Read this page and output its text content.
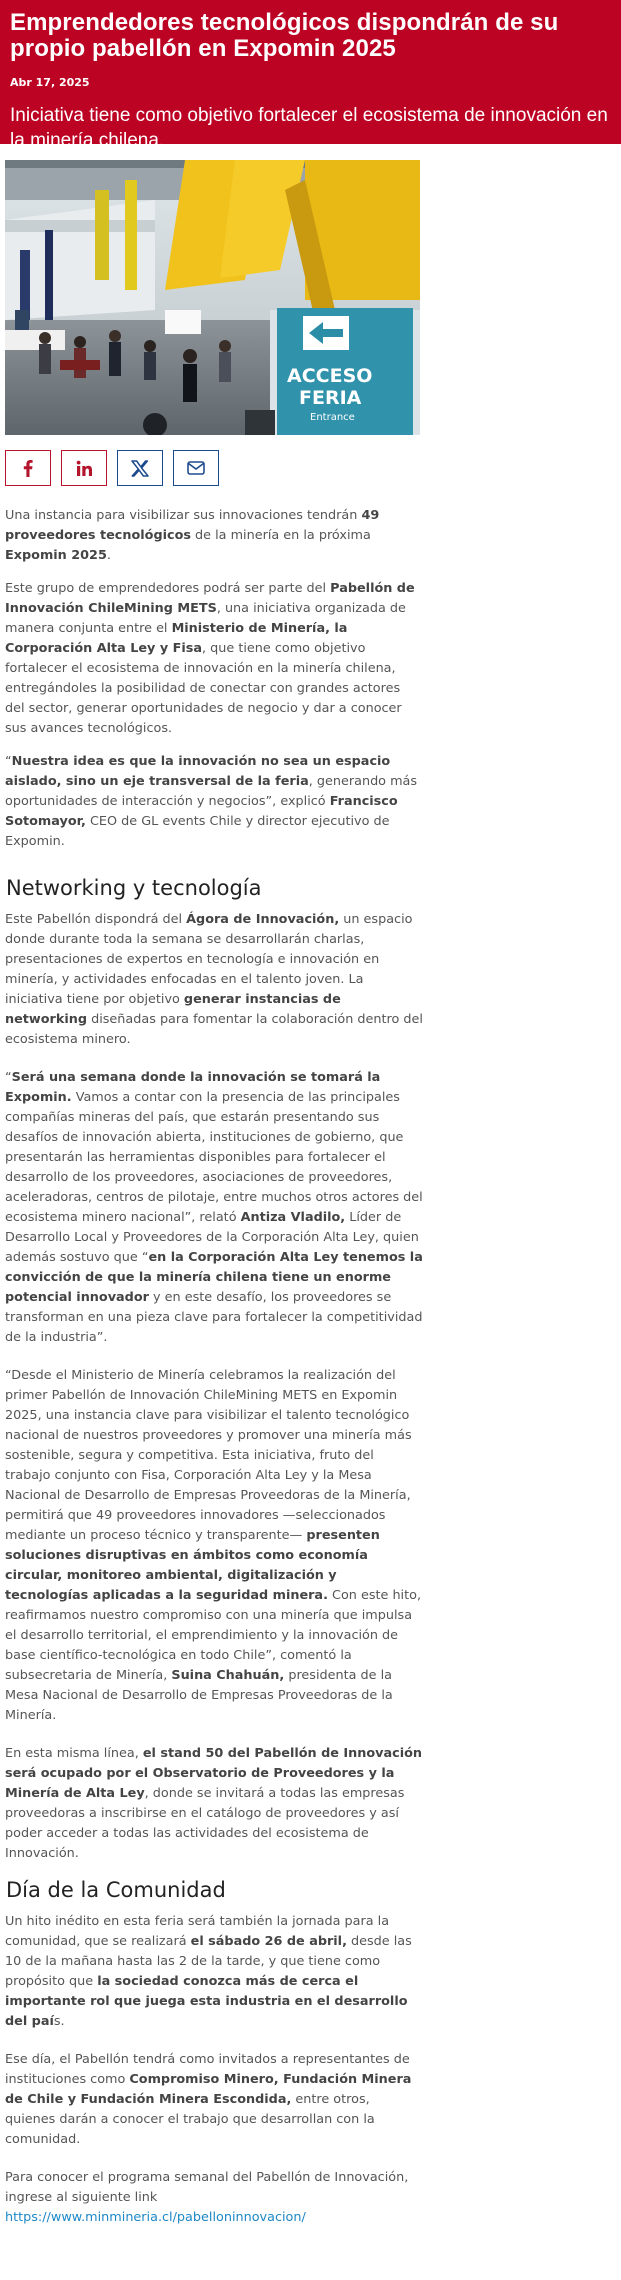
Emprendedores tecnológicos dispondrán de su propio pabellón en Expomin 2025
Abr 17, 2025
Iniciativa tiene como objetivo fortalecer el ecosistema de innovación en la minería chilena.
ACCESO
FERIA
Entrance

Una instancia para visibilizar sus innovaciones tendrán 49 proveedores tecnológicos de la minería en la próxima Expomin 2025.

Este grupo de emprendedores podrá ser parte del Pabellón de Innovación ChileMining METS, una iniciativa organizada de manera conjunta entre el Ministerio de Minería, la Corporación Alta Ley y Fisa, que tiene como objetivo fortalecer el ecosistema de innovación en la minería chilena, entregándoles la posibilidad de conectar con grandes actores del sector, generar oportunidades de negocio y dar a conocer sus avances tecnológicos.

“Nuestra idea es que la innovación no sea un espacio aislado, sino un eje transversal de la feria, generando más oportunidades de interacción y negocios”, explicó Francisco Sotomayor, CEO de GL events Chile y director ejecutivo de Expomin.

Networking y tecnología

Este Pabellón dispondrá del Ágora de Innovación, un espacio donde durante toda la semana se desarrollarán charlas, presentaciones de expertos en tecnología e innovación en minería, y actividades enfocadas en el talento joven. La iniciativa tiene por objetivo generar instancias de networking diseñadas para fomentar la colaboración dentro del ecosistema minero.

“Será una semana donde la innovación se tomará la Expomin. Vamos a contar con la presencia de las principales compañías mineras del país, que estarán presentando sus desafíos de innovación abierta, instituciones de gobierno, que presentarán las herramientas disponibles para fortalecer el desarrollo de los proveedores, asociaciones de proveedores, aceleradoras, centros de pilotaje, entre muchos otros actores del ecosistema minero nacional”, relató Antiza Vladilo, Líder de Desarrollo Local y Proveedores de la Corporación Alta Ley, quien además sostuvo que “en la Corporación Alta Ley tenemos la convicción de que la minería chilena tiene un enorme potencial innovador y en este desafío, los proveedores se transforman en una pieza clave para fortalecer la competitividad de la industria”.

“Desde el Ministerio de Minería celebramos la realización del primer Pabellón de Innovación ChileMining METS en Expomin 2025, una instancia clave para visibilizar el talento tecnológico nacional de nuestros proveedores y promover una minería más sostenible, segura y competitiva. Esta iniciativa, fruto del trabajo conjunto con Fisa, Corporación Alta Ley y la Mesa Nacional de Desarrollo de Empresas Proveedoras de la Minería, permitirá que 49 proveedores innovadores —seleccionados mediante un proceso técnico y transparente— presenten soluciones disruptivas en ámbitos como economía circular, monitoreo ambiental, digitalización y tecnologías aplicadas a la seguridad minera. Con este hito, reafirmamos nuestro compromiso con una minería que impulsa el desarrollo territorial, el emprendimiento y la innovación de base científico-tecnológica en todo Chile”, comentó la subsecretaria de Minería, Suina Chahuán, presidenta de la Mesa Nacional de Desarrollo de Empresas Proveedoras de la Minería.

En esta misma línea, el stand 50 del Pabellón de Innovación será ocupado por el Observatorio de Proveedores y la Minería de Alta Ley, donde se invitará a todas las empresas proveedoras a inscribirse en el catálogo de proveedores y así poder acceder a todas las actividades del ecosistema de Innovación.

Día de la Comunidad

Un hito inédito en esta feria será también la jornada para la comunidad, que se realizará el sábado 26 de abril, desde las 10 de la mañana hasta las 2 de la tarde, y que tiene como propósito que la sociedad conozca más de cerca el importante rol que juega esta industria en el desarrollo del país.

Ese día, el Pabellón tendrá como invitados a representantes de instituciones como Compromiso Minero, Fundación Minera de Chile y Fundación Minera Escondida, entre otros, quienes darán a conocer el trabajo que desarrollan con la comunidad.

Para conocer el programa semanal del Pabellón de Innovación, ingrese al siguiente link https://www.minmineria.cl/pabelloninnovacion/
